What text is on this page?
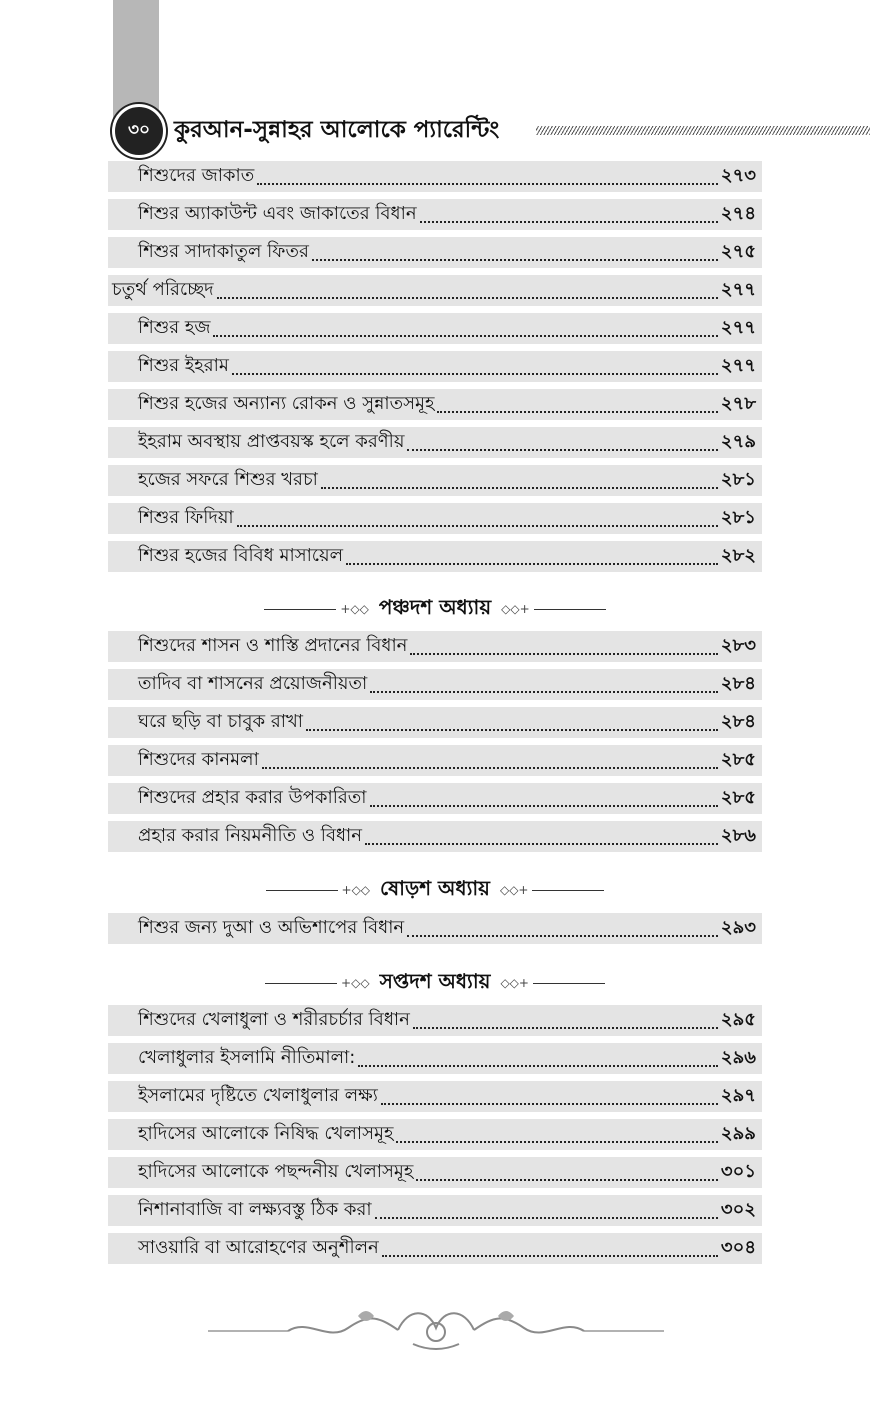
৩০	কুরআন-সুন্নাহর আলোকে প্যারেন্টিং
শিশুদের জাকাত	২৭৩
শিশুর অ্যাকাউন্ট এবং জাকাতের বিধান	২৭৪
শিশুর সাদাকাতুল ফিতর	২৭৫
চতুর্থ পরিচ্ছেদ	২৭৭
শিশুর হজ	২৭৭
শিশুর ইহরাম	২৭৭
শিশুর হজের অন্যান্য রোকন ও সুন্নাতসমূহ	২৭৮
ইহরাম অবস্থায় প্রাপ্তবয়স্ক হলে করণীয়	২৭৯
হজের সফরে শিশুর খরচা	২৮১
শিশুর ফিদিয়া	২৮১
শিশুর হজের বিবিধ মাসায়েল	২৮২
+◇◇ পঞ্চদশ অধ্যায় ◇◇+
শিশুদের শাসন ও শাস্তি প্রদানের বিধান	২৮৩
তাদিব বা শাসনের প্রয়োজনীয়তা	২৮৪
ঘরে ছড়ি বা চাবুক রাখা	২৮৪
শিশুদের কানমলা	২৮৫
শিশুদের প্রহার করার উপকারিতা	২৮৫
প্রহার করার নিয়মনীতি ও বিধান	২৮৬
+◇◇ ষোড়শ অধ্যায় ◇◇+
শিশুর জন্য দুআ ও অভিশাপের বিধান	২৯৩
+◇◇ সপ্তদশ অধ্যায় ◇◇+
শিশুদের খেলাধুলা ও শরীরচর্চার বিধান	২৯৫
খেলাধুলার ইসলামি নীতিমালা:	২৯৬
ইসলামের দৃষ্টিতে খেলাধুলার লক্ষ্য	২৯৭
হাদিসের আলোকে নিষিদ্ধ খেলাসমূহ	২৯৯
হাদিসের আলোকে পছন্দনীয় খেলাসমূহ	৩০১
নিশানাবাজি বা লক্ষ্যবস্তু ঠিক করা	৩০২
সাওয়ারি বা আরোহণের অনুশীলন	৩০৪
